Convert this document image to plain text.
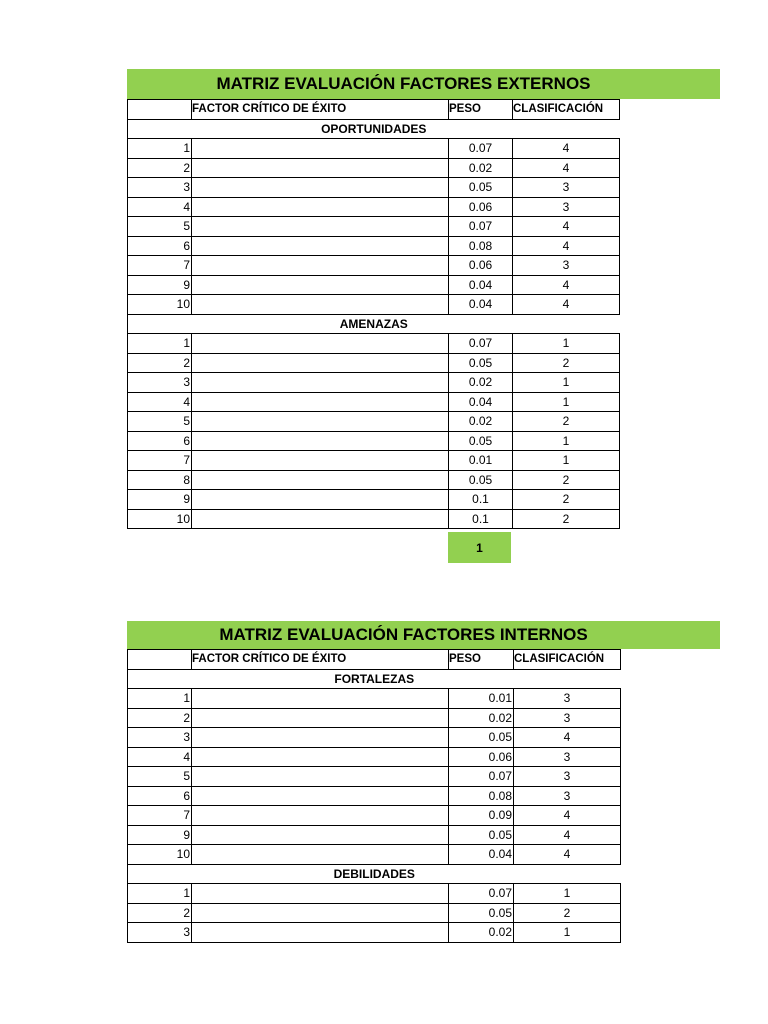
MATRIZ EVALUACIÓN FACTORES EXTERNOS
	FACTOR CRÍTICO DE ÉXITO	PESO	CLASIFICACIÓN
OPORTUNIDADES			
1		0.07	4
2		0.02	4
3		0.05	3
4		0.06	3
5		0.07	4
6		0.08	4
7		0.06	3
9		0.04	4
10		0.04	4
AMENAZAS			
1		0.07	1
2		0.05	2
3		0.02	1
4		0.04	1
5		0.02	2
6		0.05	1
7		0.01	1
8		0.05	2
9		0.1	2
10		0.1	2
1
MATRIZ EVALUACIÓN FACTORES INTERNOS
	FACTOR CRÍTICO DE ÉXITO	PESO	CLASIFICACIÓN
FORTALEZAS			
1		0.01	3
2		0.02	3
3		0.05	4
4		0.06	3
5		0.07	3
6		0.08	3
7		0.09	4
9		0.05	4
10		0.04	4
DEBILIDADES			
1		0.07	1
2		0.05	2
3		0.02	1
